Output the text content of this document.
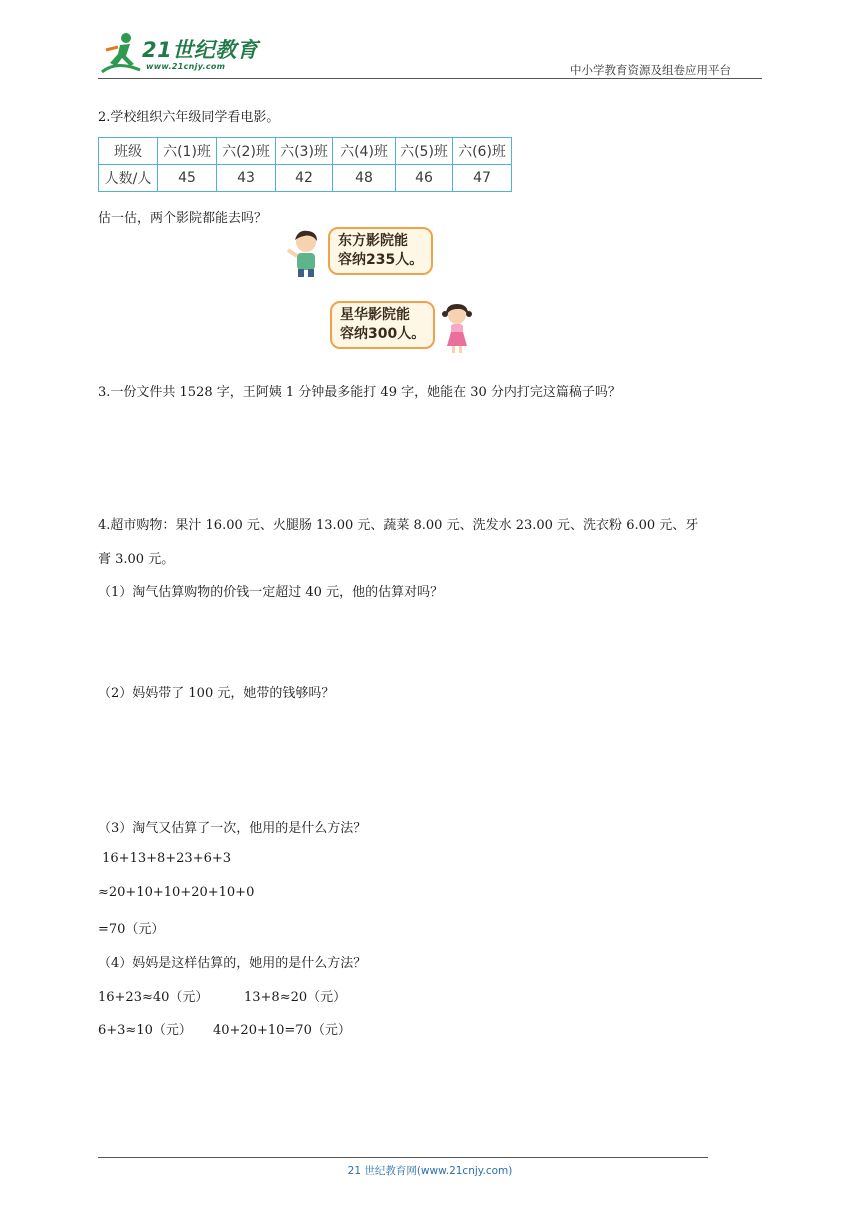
21世纪教育
www.21cnjy.com	中小学教育资源及组卷应用平台
2.学校组织六年级同学看电影。
班级	六(1)班	六(2)班	六(3)班	六(4)班	六(5)班	六(6)班
人数/人	45	43	42	48	46	47
估一估，两个影院都能去吗？
东方影院能
容纳235人。
星华影院能
容纳300人。
3.一份文件共 1528 字，王阿姨 1 分钟最多能打 49 字，她能在 30 分内打完这篇稿子吗？
4.超市购物：果汁 16.00 元、火腿肠 13.00 元、蔬菜 8.00 元、洗发水 23.00 元、洗衣粉 6.00 元、牙
膏 3.00 元。
（1）淘气估算购物的价钱一定超过 40 元，他的估算对吗？
（2）妈妈带了 100 元，她带的钱够吗？
（3）淘气又估算了一次，他用的是什么方法？
16+13+8+23+6+3
≈20+10+10+20+10+0
=70（元）
（4）妈妈是这样估算的，她用的是什么方法？
16+23≈40（元）	13+8≈20（元）
6+3≈10（元） 40+20+10=70（元）
21 世纪教育网(www.21cnjy.com)
